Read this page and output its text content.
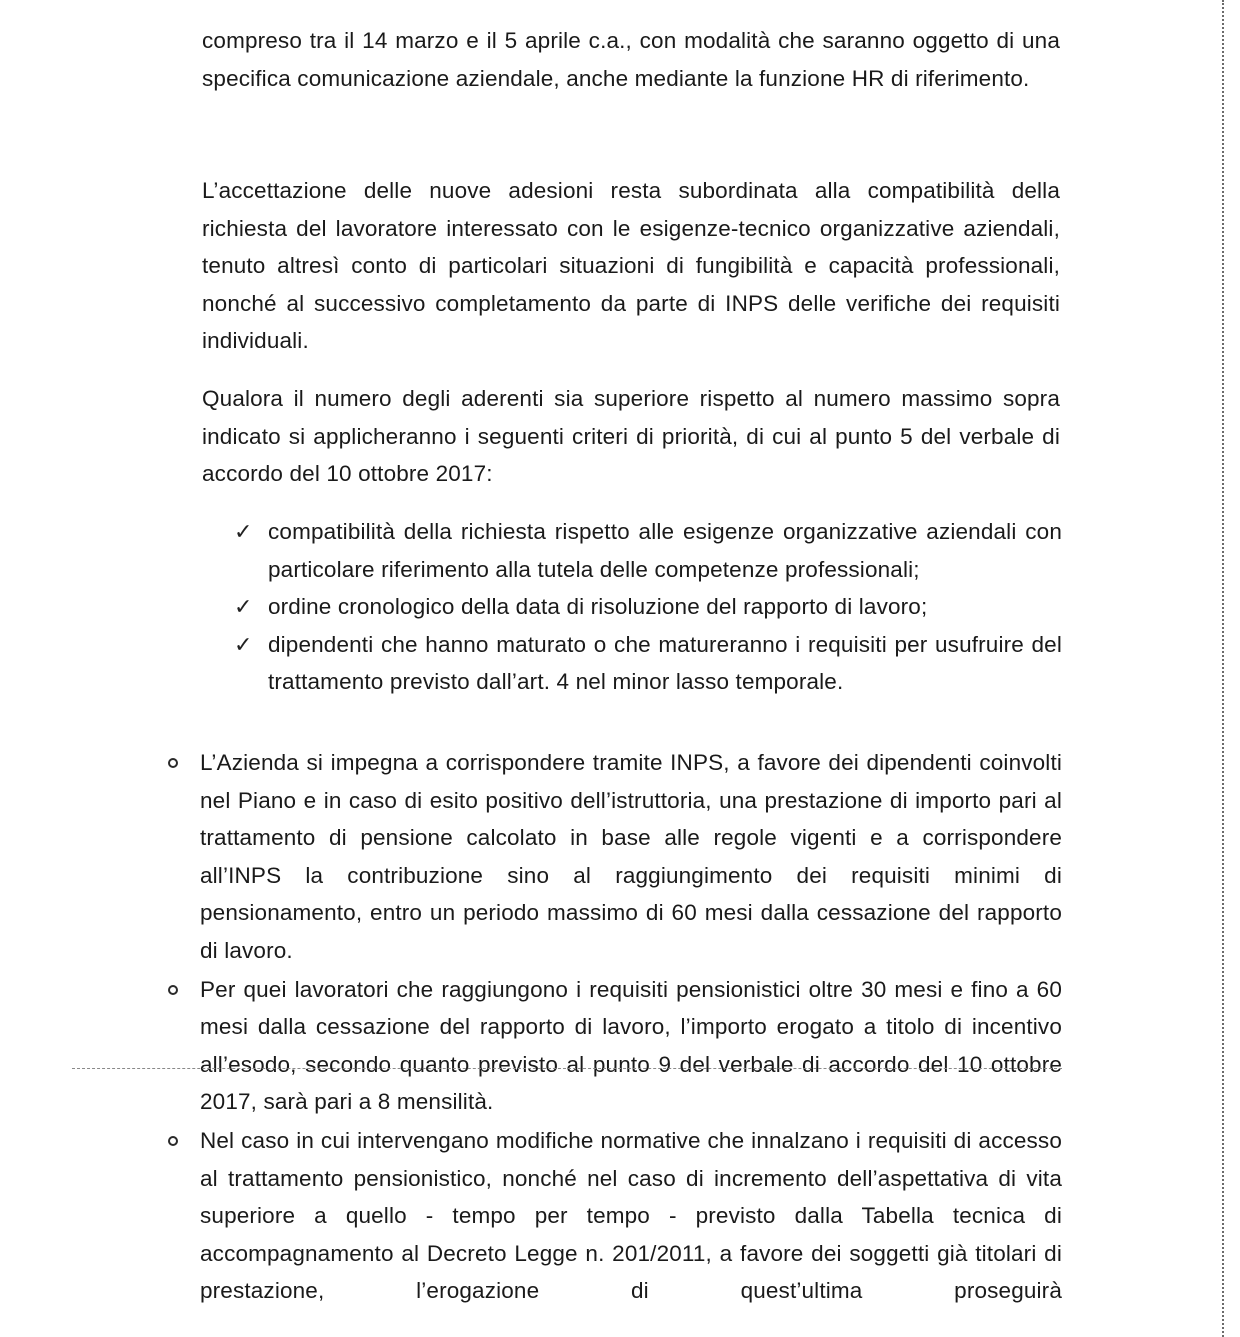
compreso tra il 14 marzo e il 5 aprile c.a., con modalità che saranno oggetto di una specifica comunicazione aziendale, anche mediante la funzione HR di riferimento.
L’accettazione delle nuove adesioni resta subordinata alla compatibilità della richiesta del lavoratore interessato con le esigenze-tecnico organizzative aziendali, tenuto altresì conto di particolari situazioni di fungibilità e capacità professionali, nonché al successivo completamento da parte di INPS delle verifiche dei requisiti individuali.
Qualora il numero degli aderenti sia superiore rispetto al numero massimo sopra indicato si applicheranno i seguenti criteri di priorità, di cui al punto 5 del verbale di accordo del 10 ottobre 2017:
✓ compatibilità della richiesta rispetto alle esigenze organizzative aziendali con particolare riferimento alla tutela delle competenze professionali;
✓ ordine cronologico della data di risoluzione del rapporto di lavoro;
✓ dipendenti che hanno maturato o che matureranno i requisiti per usufruire del trattamento previsto dall’art. 4 nel minor lasso temporale.
L’Azienda si impegna a corrispondere tramite INPS, a favore dei dipendenti coinvolti nel Piano e in caso di esito positivo dell’istruttoria, una prestazione di importo pari al trattamento di pensione calcolato in base alle regole vigenti e a corrispondere all’INPS la contribuzione sino al raggiungimento dei requisiti minimi di pensionamento, entro un periodo massimo di 60 mesi dalla cessazione del rapporto di lavoro.
Per quei lavoratori che raggiungono i requisiti pensionistici oltre 30 mesi e fino a 60 mesi dalla cessazione del rapporto di lavoro, l’importo erogato a titolo di incentivo all’esodo, secondo quanto previsto al punto 9 del verbale di accordo del 10 ottobre 2017, sarà pari a 8 mensilità.
Nel caso in cui intervengano modifiche normative che innalzano i requisiti di accesso al trattamento pensionistico, nonché nel caso di incremento dell’aspettativa di vita superiore a quello - tempo per tempo - previsto dalla Tabella tecnica di accompagnamento al Decreto Legge n. 201/2011, a favore dei soggetti già titolari di prestazione, l’erogazione di quest’ultima proseguirà
